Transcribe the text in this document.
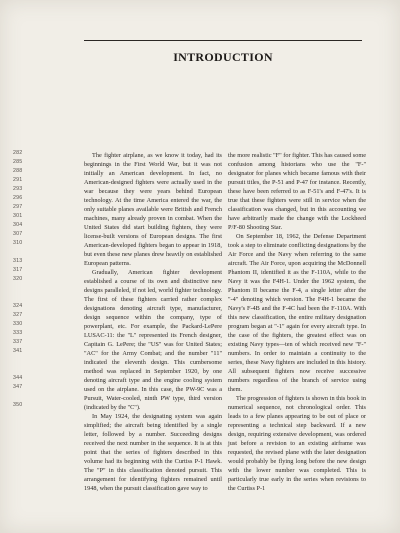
282
285
288
291
293
296
297
301
304
307
310
313
317
320
324
327
330
333
337
341
344
347
350
INTRODUCTION

The fighter airplane, as we know it today, had its beginnings in the First World War, but it was not initially an American development. In fact, no American-designed fighters were actually used in the war because they were years behind European technology. At the time America entered the war, the only suitable planes available were British and French machines, many already proven in combat. When the United States did start building fighters, they were license-built versions of European designs. The first American-developed fighters began to appear in 1918, but even these new planes drew heavily on established European patterns.

Gradually, American fighter development established a course of its own and distinctive new designs paralleled, if not led, world fighter technology. The first of these fighters carried rather complex designations denoting aircraft type, manufacturer, design sequence within the company, type of powerplant, etc. For example, the Packard-LePere LUSAC-11: the "L" represented its French designer, Capitain G. LePere; the "US" was for United States; "AC" for the Army Combat; and the number "11" indicated the eleventh design. This cumbersome method was replaced in September 1920, by one denoting aircraft type and the engine cooling system used on the airplane. In this case, the PW-9C was a Pursuit, Water-cooled, ninth PW type, third version (indicated by the "C").

In May 1924, the designating system was again simplified; the aircraft being identified by a single letter, followed by a number. Succeeding designs received the next number in the sequence. It is at this point that the series of fighters described in this volume had its beginning with the Curtiss P-1 Hawk. The "P" in this classification denoted pursuit. This arrangement for identifying fighters remained until 1948, when the pursuit classification gave way to

the more realistic "F" for fighter. This has caused some confusion among historians who use the "F-" designator for planes which became famous with their pursuit titles, the P-51 and P-47 for instance. Recently, these have been referred to as F-51's and F-47's. It is true that these fighters were still in service when the classification was changed, but in this accounting we have arbitrarily made the change with the Lockheed P/F-80 Shooting Star.

On September 18, 1962, the Defense Department took a step to eliminate conflicting designations by the Air Force and the Navy when referring to the same aircraft. The Air Force, upon acquiring the McDonnell Phantom II, identified it as the F-110A, while to the Navy it was the F4H-1. Under the 1962 system, the Phantom II became the F-4, a single letter after the "-4" denoting which version. The F4H-1 became the Navy's F-4B and the F-4C had been the F-110A. With this new classification, the entire military designation program began at "-1" again for every aircraft type. In the case of the fighters, the greatest effect was on existing Navy types—ten of which received new "F-" numbers. In order to maintain a continuity to the series, these Navy fighters are included in this history. All subsequent fighters now receive successive numbers regardless of the branch of service using them.

The progression of fighters is shown in this book in numerical sequence, not chronological order. This leads to a few planes appearing to be out of place or representing a technical step backward. If a new design, requiring extensive development, was ordered just before a revision to an existing airframe was requested, the revised plane with the later designation would probably be flying long before the new design with the lower number was completed. This is particularly true early in the series when revisions to the Curtiss P-1
